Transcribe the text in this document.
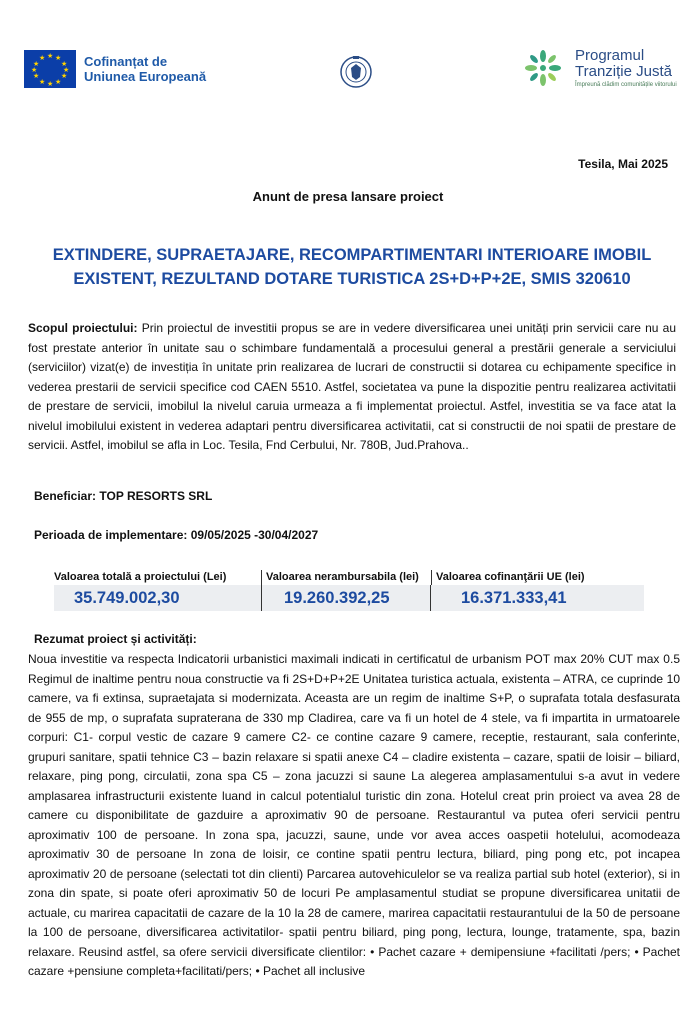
★ ★
★
★
★
★
★
★
★
★
★
★	Cofinanțat de
Uniunea Europeană
Programul
Tranziție Justă
Împreună clădim comunitățile viitorului
Tesila, Mai 2025
Anunt de presa lansare proiect
EXTINDERE, SUPRAETAJARE, RECOMPARTIMENTARI INTERIOARE IMOBIL
EXISTENT, REZULTAND DOTARE TURISTICA 2S+D+P+2E, SMIS 320610
Scopul proiectului: Prin proiectul de investitii propus se are in vedere diversificarea unei unități prin servicii care nu au fost prestate anterior în unitate sau o schimbare fundamentală a procesului general a prestării generale a serviciului (serviciilor) vizat(e) de investiția în unitate prin realizarea de lucrari de constructii si dotarea cu echipamente specifice in vederea prestarii de servicii specifice cod CAEN 5510. Astfel, societatea va pune la dispozitie pentru realizarea activitatii de prestare de servicii, imobilul la nivelul caruia urmeaza a fi implementat proiectul. Astfel, investitia se va face atat la nivelul imobilului existent in vederea adaptari pentru diversificarea activitatii, cat si constructii de noi spatii de prestare de servicii. Astfel, imobilul se afla in Loc. Tesila, Fnd Cerbului, Nr. 780B, Jud.Prahova..
Beneficiar: TOP RESORTS SRL
Perioada de implementare: 09/05/2025 -30/04/2027
Valoarea totală a proiectului (Lei)	Valoarea nerambursabila (lei)	Valoarea cofinanţării UE (lei)
35.749.002,30	19.260.392,25	16.371.333,41
Rezumat proiect și activități:
Noua investitie va respecta Indicatorii urbanistici maximali indicati in certificatul de urbanism POT max 20% CUT max 0.5 Regimul de inaltime pentru noua constructie va fi 2S+D+P+2E Unitatea turistica actuala, existenta – ATRA, ce cuprinde 10 camere, va fi extinsa, supraetajata si modernizata. Aceasta are un regim de inaltime S+P, o suprafata totala desfasurata de 955 de mp, o suprafata supraterana de 330 mp Cladirea, care va fi un hotel de 4 stele, va fi impartita in urmatoarele corpuri: C1- corpul vestic de cazare 9 camere C2- ce contine cazare 9 camere, receptie, restaurant, sala conferinte, grupuri sanitare, spatii tehnice C3 – bazin relaxare si spatii anexe C4 – cladire existenta – cazare, spatii de loisir – biliard, relaxare, ping pong, circulatii, zona spa C5 – zona jacuzzi si saune La alegerea amplasamentului s-a avut in vedere amplasarea infrastructurii existente luand in calcul potentialul turistic din zona. Hotelul creat prin proiect va avea 28 de camere cu disponibilitate de gazduire a aproximativ 90 de persoane. Restaurantul va putea oferi servicii pentru aproximativ 100 de persoane. In zona spa, jacuzzi, saune, unde vor avea acces oaspetii hotelului, acomodeaza aproximativ 30 de persoane In zona de loisir, ce contine spatii pentru lectura, biliard, ping pong etc, pot incapea aproximativ 20 de persoane (selectati tot din clienti) Parcarea autovehiculelor se va realiza partial sub hotel (exterior), si in zona din spate, si poate oferi aproximativ 50 de locuri Pe amplasamentul studiat se propune diversificarea unitatii de actuale, cu marirea capacitatii de cazare de la 10 la 28 de camere, marirea capacitatii restaurantului de la 50 de persoane la 100 de persoane, diversificarea activitatilor- spatii pentru biliard, ping pong, lectura, lounge, tratamente, spa, bazin relaxare. Reusind astfel, sa ofere servicii diversificate clientilor: • Pachet cazare + demipensiune +facilitati /pers; • Pachet cazare +pensiune completa+facilitati/pers; • Pachet all inclusive
